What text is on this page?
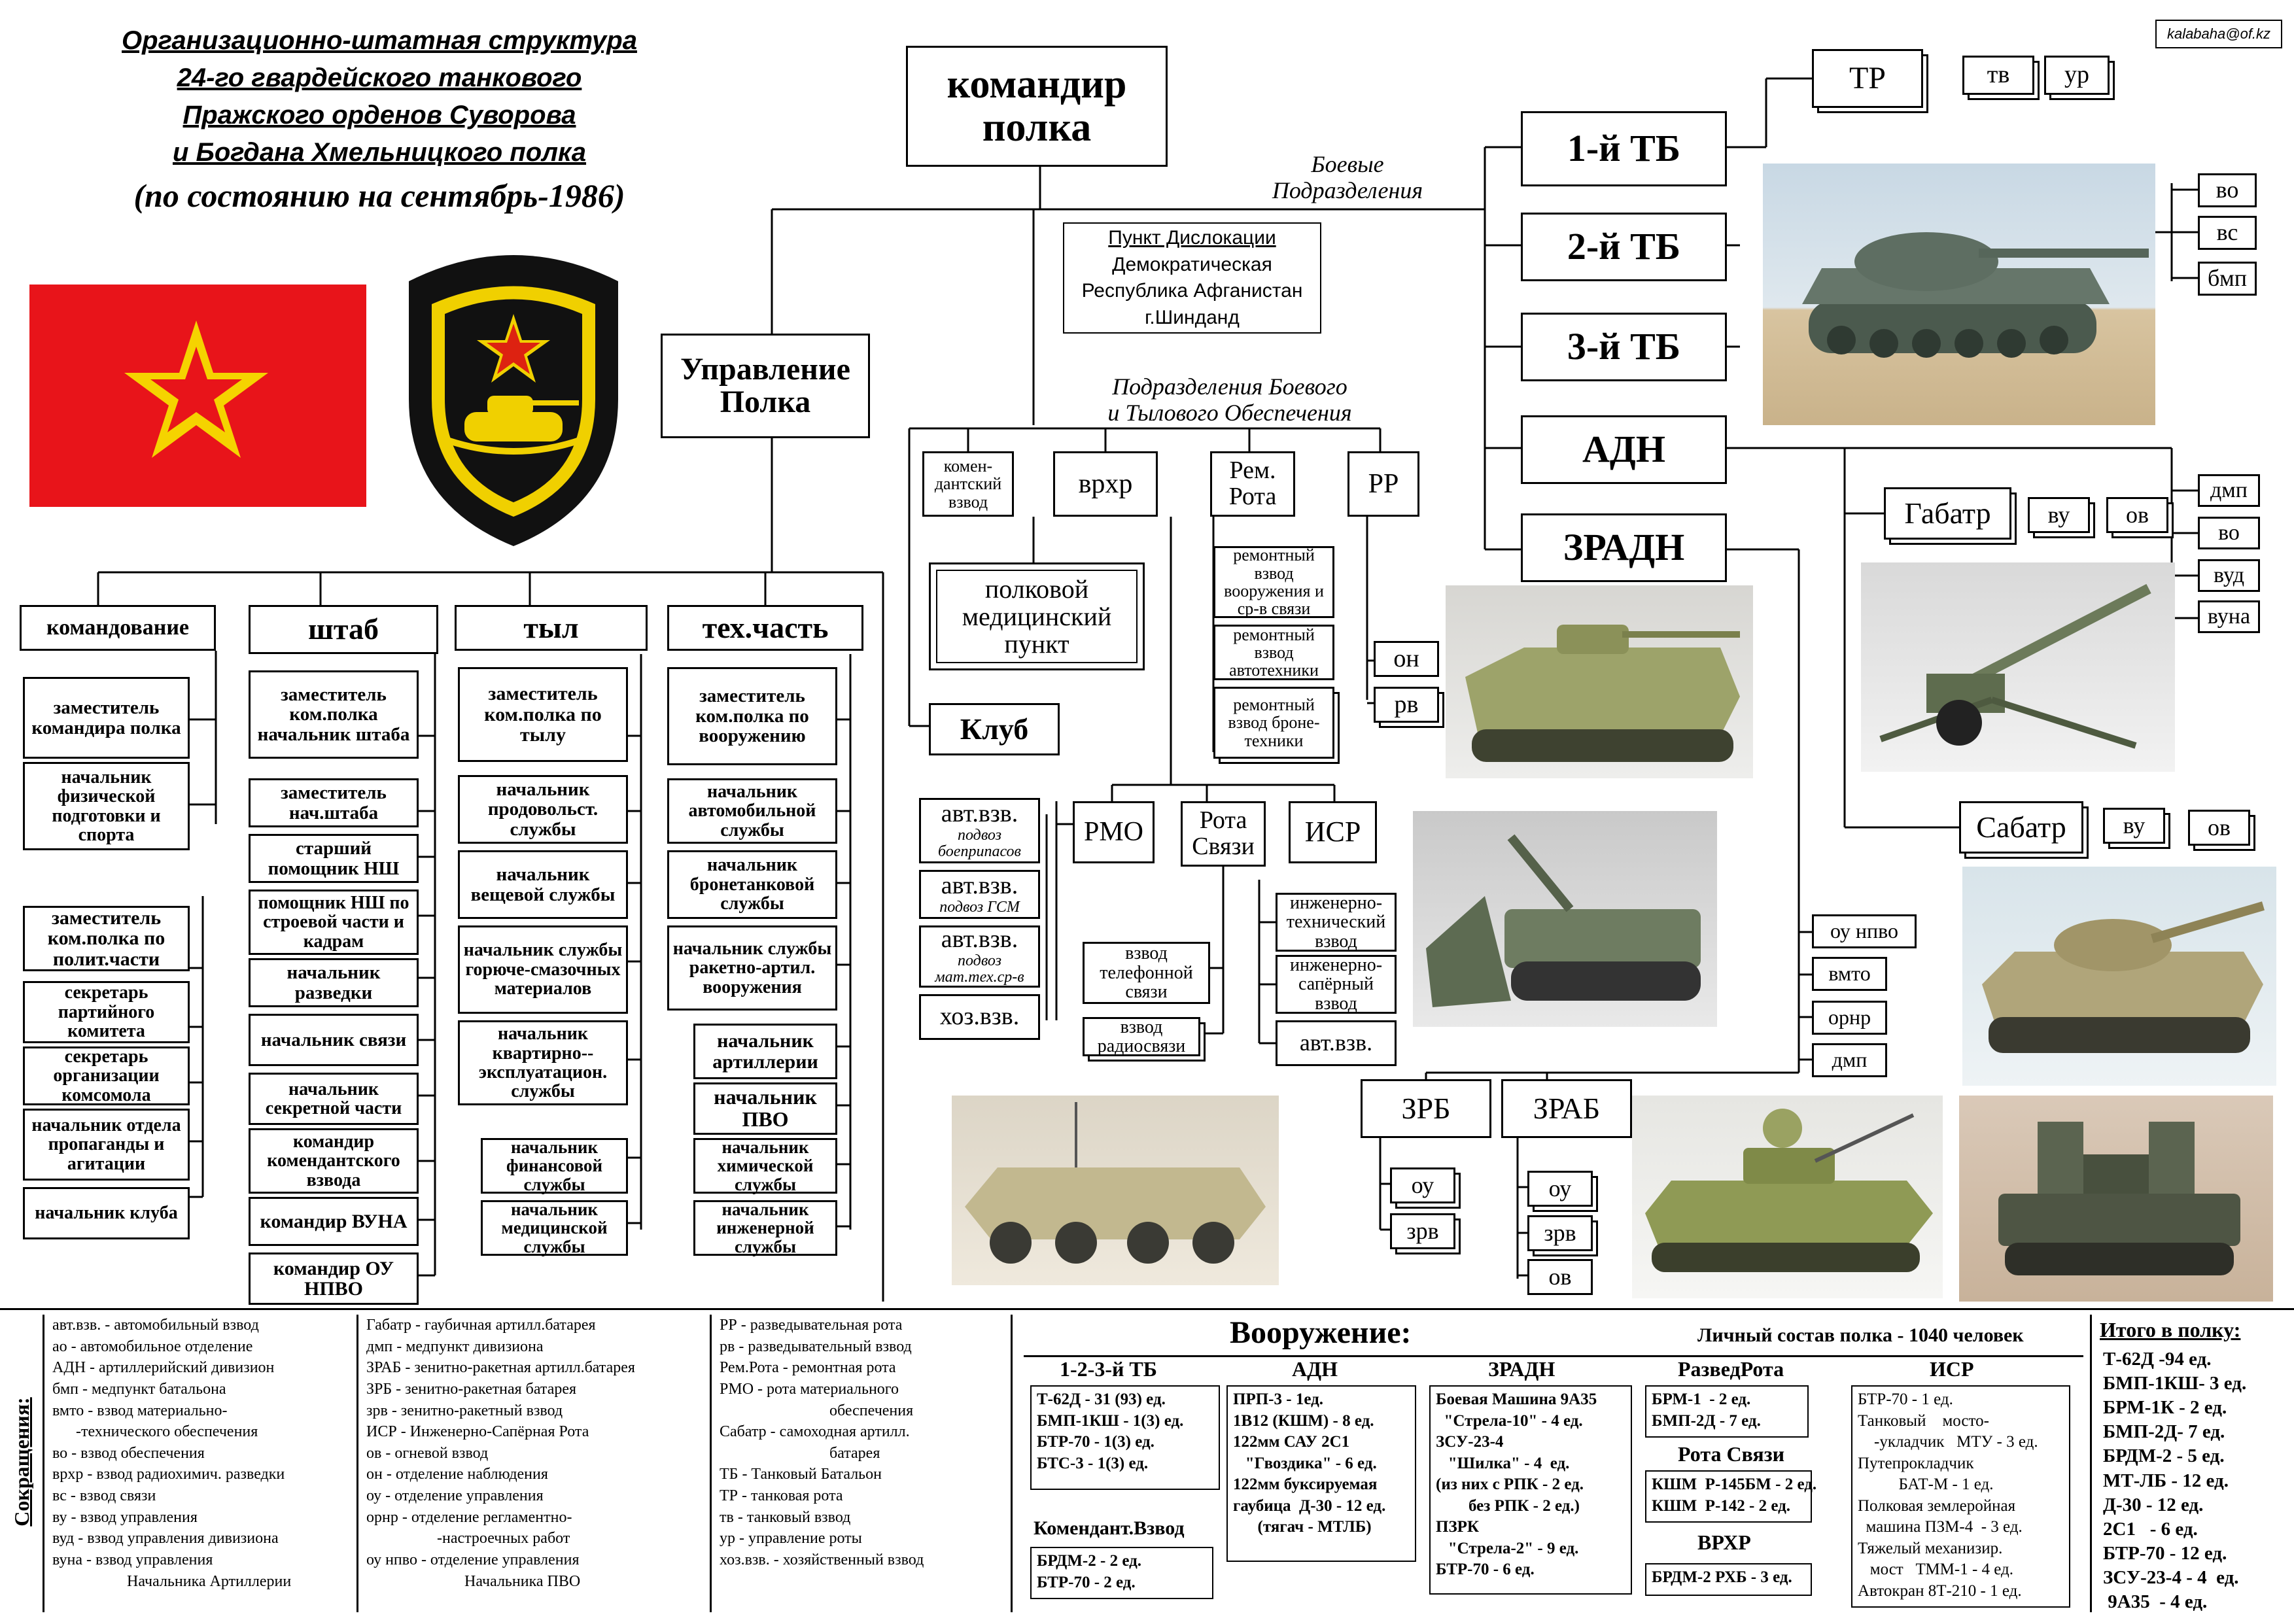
kalabaha@of.kz
Организационно-штатная структура
24-го гвардейского танкового
Пражского орденов Суворова
и Богдана Хмельницкого полка
(по состоянию на сентябрь-1986)
командир полка
Управление Полка
Пункт Дислокации
Демократическая
Республика Афганистан
г.Шинданд
Боевые Подразделения
Подразделения Боевого
и Тылового Обеспечения
ТР	тв	ур
1-й ТБ
2-й ТБ
3-й ТБ
АДН
ЗРАДН
во
вс
бмп
дмп
во
вуд
вуна
Габатр	ву	ов
Сабатр	ву	ов
оу нпво
вмто
орнр
дмп
ЗРБ	ЗРАБ
оу
зрв
оу
зрв
ов
комен-дантский взвод
врхр	Рем. Рота	РР
полковой медицинский пункт
Клуб
ремонтный взвод вооружения и ср-в связи
ремонтный взвод автотехники
ремонтный взвод броне-техники
он
рв
РМО	Рота Связи	ИСР
авт.взв.
подвоз боеприпасов
авт.взв.
подвоз ГСМ
авт.взв.
подвоз мат.тех.ср-в
хоз.взв.
взвод телефонной связи
взвод радиосвязи
инженерно-технический взвод
инженерно-сапёрный взвод
авт.взв.
командование
заместитель командира полка
начальник физической подготовки и спорта
заместитель ком.полка по полит.части
секретарь партийного комитета
секретарь организации комсомола
начальник отдела пропаганды и агитации
начальник клуба
штаб
заместитель ком.полка начальник штаба
заместитель нач.штаба
старший помощник НШ
помощник НШ по строевой части и кадрам
начальник разведки
начальник связи
начальник секретной части
командир комендантского взвода
командир ВУНА
командир ОУ НПВО
тыл
заместитель ком.полка по тылу
начальник продовольст. службы
начальник вещевой службы
начальник службы горюче-смазочных материалов
начальник квартирно--эксплуатацион. службы
начальник финансовой службы
начальник медицинской службы
тех.часть
заместитель ком.полка по вооружению
начальник автомобильной службы
начальник бронетанковой службы
начальник службы ракетно-артил. вооружения
начальник артиллерии
начальник ПВО
начальник химической службы
начальник инженерной службы
Сокращения:
авт.взв. - автомобильный взвод
ао - автомобильное отделение
АДН - артиллерийский дивизион
бмп - медпункт батальона
вмто - взвод материально-
-технического обеспечения
во - взвод обеспечения
врхр - взвод радиохимич. разведки
вс - взвод связи
ву - взвод управления
вуд - взвод управления дивизиона
вуна - взвод управления
Начальника Артиллерии
Габатр - гаубичная артилл.батарея
дмп - медпункт дивизиона
ЗРАБ - зенитно-ракетная артилл.батарея
ЗРБ - зенитно-ракетная батарея
зрв - зенитно-ракетный взвод
ИСР - Инженерно-Сапёрная Рота
ов - огневой взвод
он - отделение наблюдения
оу - отделение управления
орнр - отделение регламентно-
-настроечных работ
оу нпво - отделение управления
Начальника ПВО
РР - разведывательная рота
рв - разведывательный взвод
Рем.Рота - ремонтная рота
РМО - рота материального
обеспечения
Сабатр - самоходная артилл.
батарея
ТБ - Танковый Батальон
ТР - танковая рота
тв - танковый взвод
ур - управление роты
хоз.взв. - хозяйственный взвод
Вооружение:	Личный состав полка - 1040 человек
1-2-3-й ТБ
Т-62Д - 31 (93) ед.
БМП-1КШ - 1(3) ед.
БТР-70 - 1(3) ед.
БТС-3 - 1(3) ед.
Комендант.Взвод
БРДМ-2 - 2 ед.
БТР-70 - 2 ед.
АДН
ПРП-3 - 1ед.
1В12 (КШМ) - 8 ед.
122мм САУ 2С1
"Гвоздика" - 6 ед.
122мм буксируемая
гаубица  Д-30 - 12 ед.
(тягач - МТЛБ)
ЗРАДН
Боевая Машина 9А35
"Стрела-10" - 4 ед.
ЗСУ-23-4
"Шилка" - 4  ед.
(из них с РПК - 2 ед.
без РПК - 2 ед.)
ПЗРК
"Стрела-2" - 9 ед.
БТР-70 - 6 ед.
РазведРота
БРМ-1  - 2 ед.
БМП-2Д - 7 ед.
Рота Связи
КШМ  Р-145БМ - 2 ед.
КШМ  Р-142 - 2 ед.
ВРХР
БРДМ-2 РХБ - 3 ед.
ИСР
БТР-70 - 1 ед.
Танковый    мосто-
-укладчик   МТУ - 3 ед.
Путепрокладчик
БАТ-М - 1 ед.
Полковая землеройная
машина ПЗМ-4  - 3 ед.
Тяжелый механизир.
мост   ТММ-1 - 4 ед.
Автокран 8Т-210 - 1 ед.
Итого в полку:
Т-62Д -94 ед.
БМП-1КШ- 3 ед.
БРМ-1К - 2 ед.
БМП-2Д- 7 ед.
БРДМ-2 - 5 ед.
МТ-ЛБ - 12 ед.
Д-30 - 12 ед.
2С1   - 6 ед.
БТР-70 - 12 ед.
ЗСУ-23-4 - 4  ед.
9А35  - 4 ед.
